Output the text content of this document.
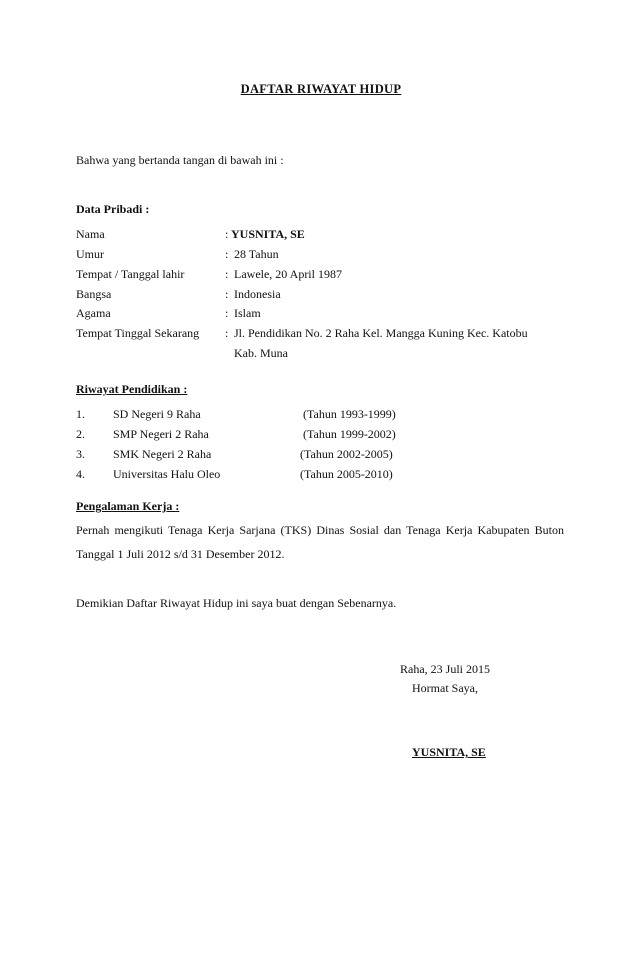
DAFTAR RIWAYAT HIDUP
Bahwa yang bertanda tangan di bawah ini :
Data Pribadi :
Nama	: YUSNITA, SE
Umur	: 28 Tahun
Tempat / Tanggal lahir	: Lawele, 20 April 1987
Bangsa	: Indonesia
Agama	: Islam
Tempat Tinggal Sekarang : Jl. Pendidikan No. 2 Raha Kel. Mangga Kuning Kec. Katobu
Kab. Muna
Riwayat Pendidikan :
1. SD Negeri 9 Raha	(Tahun 1993-1999)
2. SMP Negeri 2 Raha	(Tahun 1999-2002)
3. SMK Negeri 2 Raha	(Tahun 2002-2005)
4. Universitas Halu Oleo	(Tahun 2005-2010)
Pengalaman Kerja :
Pernah mengikuti Tenaga Kerja Sarjana (TKS) Dinas Sosial dan Tenaga Kerja Kabupaten Buton
Tanggal 1 Juli 2012 s/d 31 Desember 2012.
Demikian Daftar Riwayat Hidup ini saya buat dengan Sebenarnya.
Raha, 23 Juli 2015
Hormat Saya,
YUSNITA, SE
